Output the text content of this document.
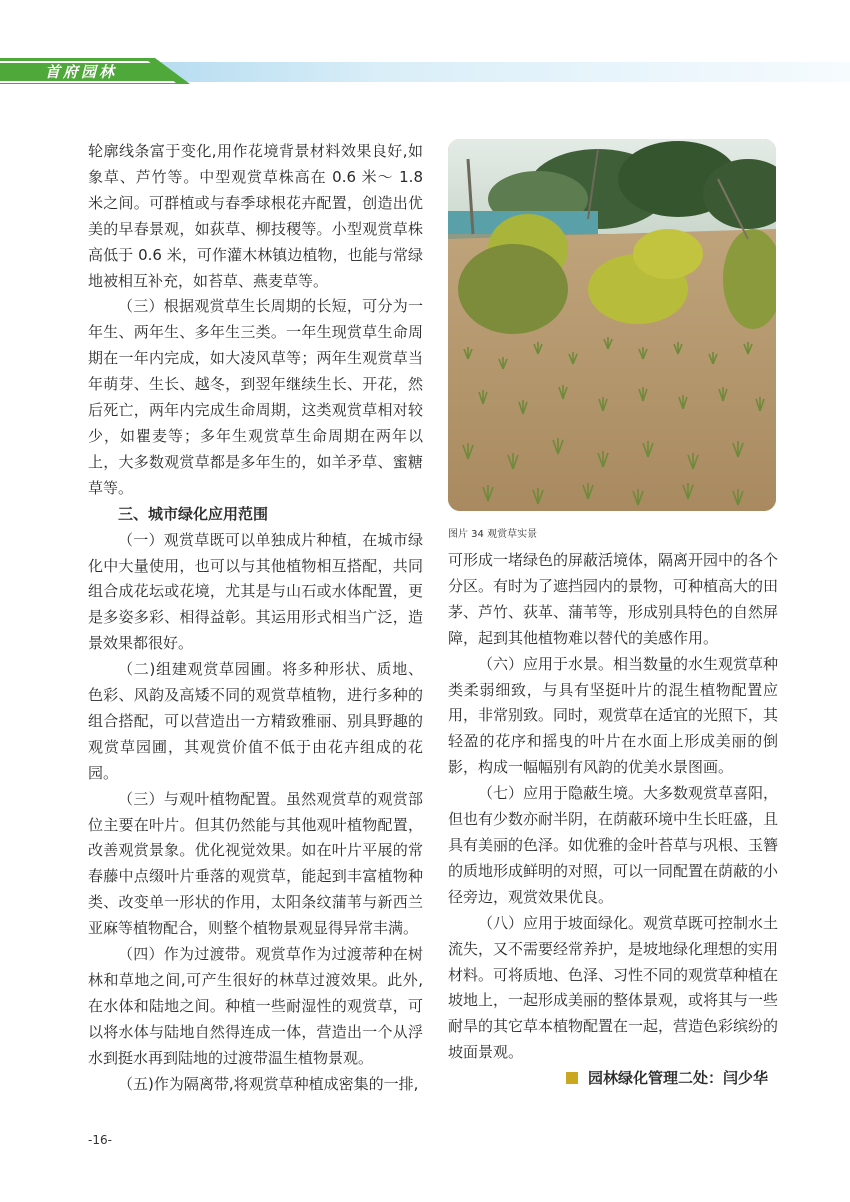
首府园林

轮廓线条富于变化,用作花境背景材料效果良好,如象草、芦竹等。中型观赏草株高在 0.6 米～ 1.8 米之间。可群植或与春季球根花卉配置，创造出优美的早春景观，如荻草、柳技稷等。小型观赏草株高低于 0.6 米，可作灌木林镇边植物，也能与常绿地被相互补充，如苔草、燕麦草等。

（三）根据观赏草生长周期的长短，可分为一年生、两年生、多年生三类。一年生现赏草生命周期在一年内完成，如大凌风草等；两年生观赏草当年萌芽、生长、越冬，到翌年继续生长、开花，然后死亡，两年内完成生命周期，这类观赏草相对较少，如瞿麦等；多年生观赏草生命周期在两年以上，大多数观赏草都是多年生的，如羊矛草、蜜糖草等。

三、城市绿化应用范围

（一）观赏草既可以单独成片种植，在城市绿化中大量使用，也可以与其他植物相互搭配，共同组合成花坛或花境，尤其是与山石或水体配置，更是多姿多彩、相得益彰。其运用形式相当广泛，造景效果都很好。

（二)组建观赏草园圃。将多种形状、质地、色彩、风韵及高矮不同的观赏草植物，进行多种的组合搭配，可以营造出一方精致雅丽、别具野趣的观赏草园圃，其观赏价值不低于由花卉组成的花园。

（三）与观叶植物配置。虽然观赏草的观赏部位主要在叶片。但其仍然能与其他观叶植物配置，改善观赏景象。优化视觉效果。如在叶片平展的常春藤中点缀叶片垂落的观赏草，能起到丰富植物种类、改变单一形状的作用，太阳条纹蒲苇与新西兰亚麻等植物配合，则整个植物景观显得异常丰满。

（四）作为过渡带。观赏草作为过渡蒂种在树林和草地之间,可产生很好的林草过渡效果。此外,在水体和陆地之间。种植一些耐湿性的观赏草，可以将水体与陆地自然得连成一体，营造出一个从浮水到挺水再到陆地的过渡带温生植物景观。

（五)作为隔离带,将观赏草种植成密集的一排,

图片 34 观赏草实景

可形成一堵绿色的屏蔽活境体，隔离开园中的各个分区。有时为了遮挡园内的景物，可种植高大的田茅、芦竹、荻革、蒲苇等，形成别具特色的自然屏障，起到其他植物难以替代的美感作用。

（六）应用于水景。相当数量的水生观赏草种类柔弱细致，与具有坚挺叶片的混生植物配置应用，非常别致。同时，观赏草在适宜的光照下，其轻盈的花序和摇曳的叶片在水面上形成美丽的倒影，构成一幅幅别有风韵的优美水景图画。

（七）应用于隐蔽生境。大多数观赏草喜阳，但也有少数亦耐半阴，在荫蔽环境中生长旺盛，且具有美丽的色泽。如优雅的金叶苔草与巩根、玉簪的质地形成鲜明的对照，可以一同配置在荫蔽的小径旁边，观赏效果优良。

（八）应用于坡面绿化。观赏草既可控制水土流失，又不需要经常养护，是坡地绿化理想的实用材料。可将质地、色泽、习性不同的观赏草种植在坡地上，一起形成美丽的整体景观，或将其与一些耐旱的其它草本植物配置在一起，营造色彩缤纷的坡面景观。

园林绿化管理二处：闫少华
-16-
